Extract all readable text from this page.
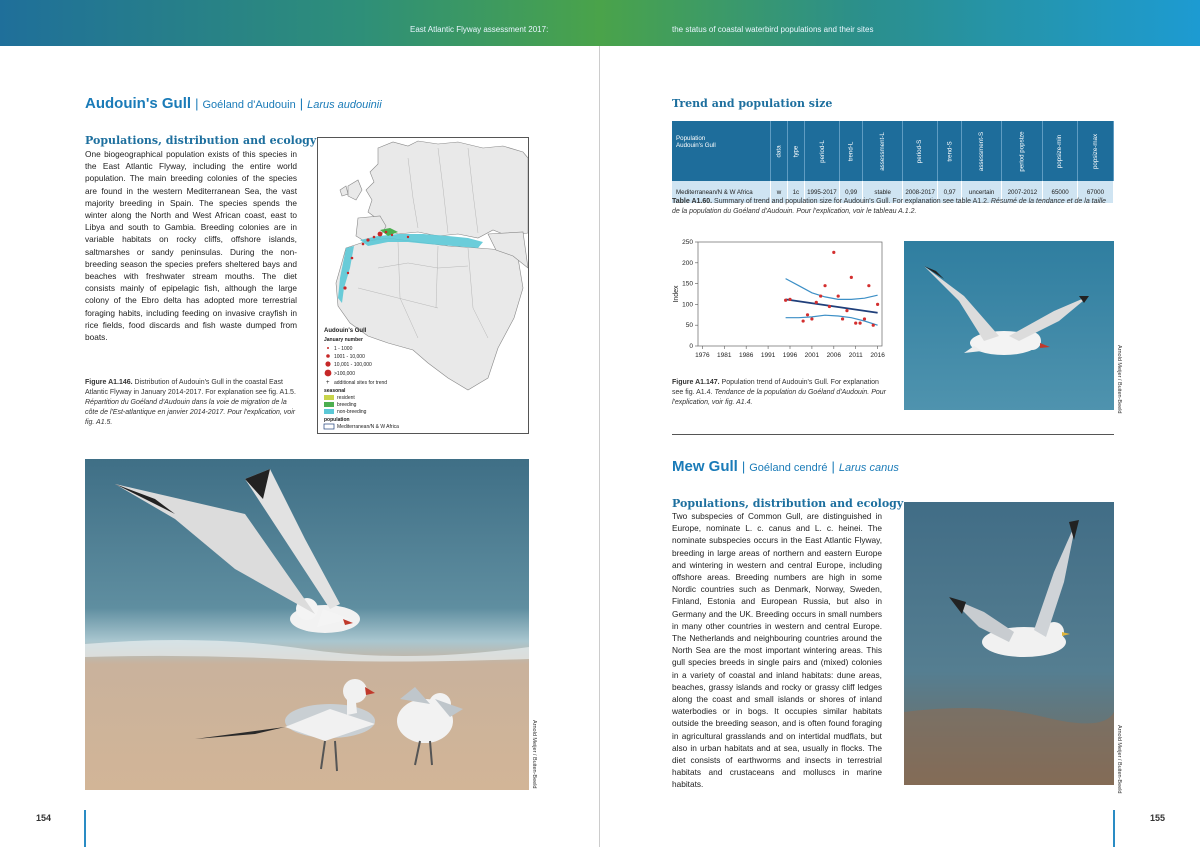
East Atlantic Flyway assessment 2017:	the status of coastal waterbird populations and their sites
Audouin's Gull | Goéland d'Audouin | Larus audouinii
Populations, distribution and ecology
One biogeographical population exists of this species in the East Atlantic Flyway, including the entire world population. The main breeding colonies of the species are found in the western Mediterranean Sea, the vast majority breeding in Spain. The species spends the winter along the North and West African coast, east to Libya and south to Gambia. Breeding colonies are in variable habitats on rocky cliffs, offshore islands, saltmarshes or sandy peninsulas. During the non-breeding season the species prefers sheltered bays and beaches with freshwater stream mouths. The diet consists mainly of epipelagic fish, although the large colony of the Ebro delta has adopted more terrestrial foraging habits, including feeding on invasive crayfish in rice fields, food discards and fish waste dumped from boats.
Figure A1.146. Distribution of Audouin's Gull in the coastal East Atlantic Flyway in January 2014-2017. For explanation see fig. A1.5. Répartition du Goéland d'Audouin dans la voie de migration de la côte de l'Est-atlantique en janvier 2014-2017. Pour l'explication, voir fig. A1.5.
Audouin's Gull
January number
1 - 1000
1001 - 10,000
10,001 - 100,000
>100,000
+ additional sites for trend
seasonal
resident
breeding
non-breeding
population
Mediterranean/N & W Africa
Arnold Meijer / Buiten-Beeld
154
Trend and population size
Population
Audouin's Gull	data	type	period-L	trend-L	assessment-L	period-S	trend-S	assessment-S	period popsize	popsize-min	popsize-max
Mediterranean/N & W Africa	w	1c	1995-2017	0,99	stable	2008-2017	0,97	uncertain	2007-2012	65000	67000
Table A1.60. Summary of trend and population size for Audouin's Gull. For explanation see table A1.2. Résumé de la tendance et de la taille de la population du Goéland d'Audouin. Pour l'explication, voir le tableau A.1.2.
0
50
100
150
200
250
1976 1981 1986 1991 1996 2001 2006 2011 2016
Index
Figure A1.147. Population trend of Audouin's Gull. For explanation see fig. A1.4. Tendance de la population du Goéland d'Audouin. Pour l'explication, voir fig. A1.4.	Arnold Meijer / Buiten-Beeld
Mew Gull | Goéland cendré | Larus canus
Populations, distribution and ecology
Two subspecies of Common Gull, are distinguished in Europe, nominate L. c. canus and L. c. heinei. The nominate subspecies occurs in the East Atlantic Flyway, breeding in large areas of northern and eastern Europe and wintering in western and central Europe, including offshore areas. Breeding numbers are high in some Nordic countries such as Denmark, Norway, Sweden, Finland, Estonia and European Russia, but also in Germany and the UK. Breeding occurs in small numbers in many other countries in western and central Europe. The Netherlands and neighbouring countries around the North Sea are the most important wintering areas. This gull species breeds in single pairs and (mixed) colonies in a variety of coastal and inland habitats: dune areas, beaches, grassy islands and rocky or grassy cliff ledges along the coast and small islands or shores of inland waterbodies or in bogs. It occupies similar habitats outside the breeding season, and is often found foraging in agricultural grasslands and on intertidal mudflats, but also in urban habitats and at sea, usually in flocks. The diet consists of earthworms and insects in terrestrial habitats and crustaceans and molluscs in marine habitats.	Arnold Meijer / Buiten-Beeld
155
